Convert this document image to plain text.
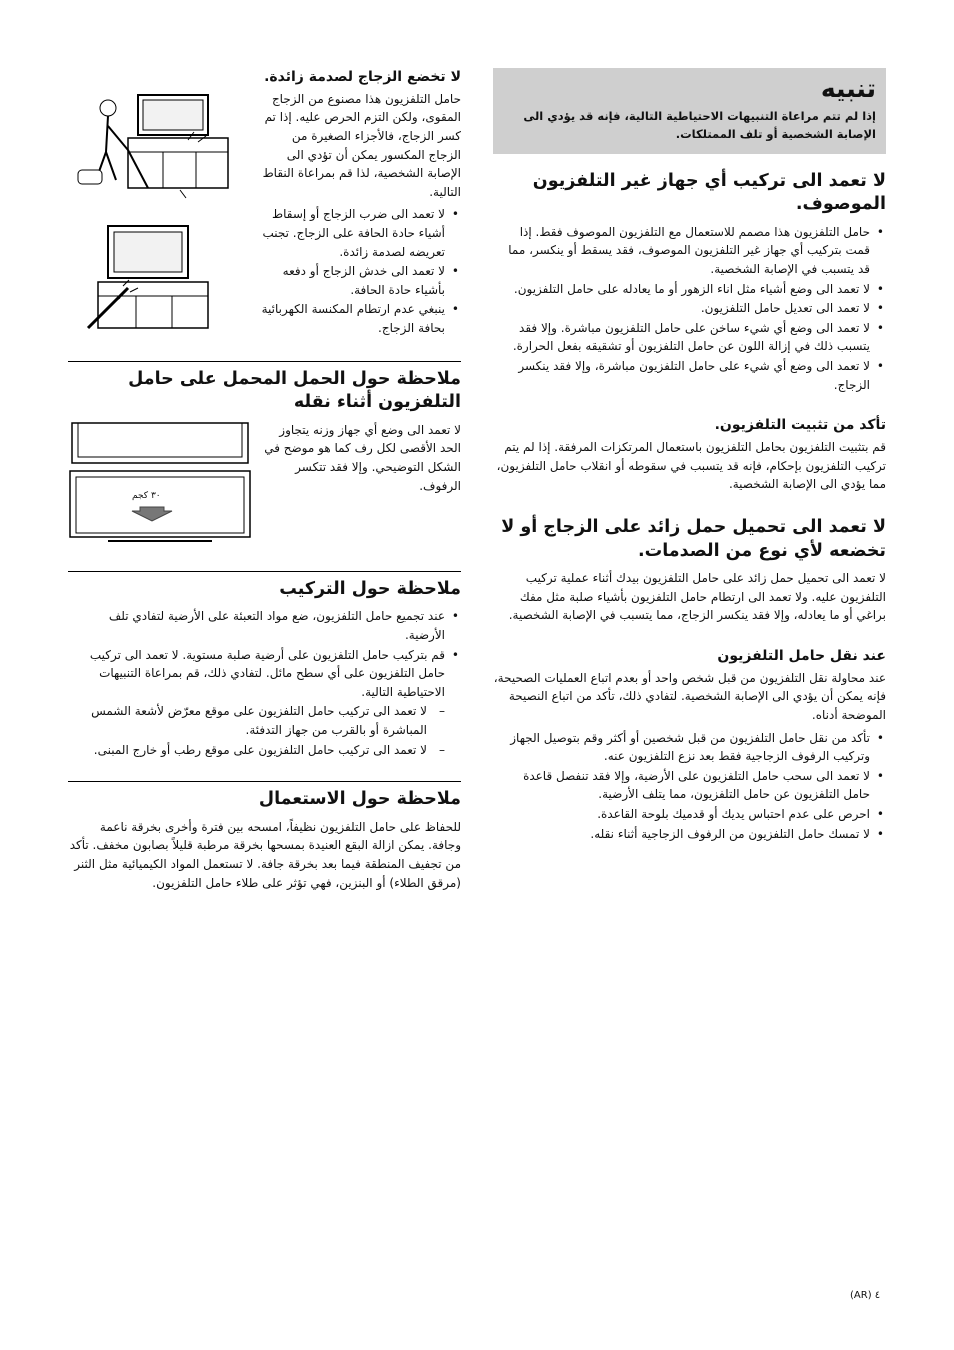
تنبيه

إذا لم تتم مراعاة التنبيهات الاحتياطية التالية، فإنه قد يؤدي الى الإصابة الشخصية أو تلف الممتلكات.

لا تعمد الى تركيب أي جهاز غير التلفزيون الموصوف.
• حامل التلفزيون هذا مصمم للاستعمال مع التلفزيون الموصوف فقط. إذا قمت بتركيب أي جهاز غير التلفزيون الموصوف، فقد يسقط أو ينكسر، مما قد يتسبب في الإصابة الشخصية.
• لا تعمد الى وضع أشياء مثل اناء الزهور أو ما يعادله على حامل التلفزيون.
• لا تعمد الى تعديل حامل التلفزيون.
• لا تعمد الى وضع أي شيء ساخن على حامل التلفزيون مباشرة. وإلا فقد يتسبب ذلك في إزالة اللون عن حامل التلفزيون أو تشقيقه بفعل الحرارة.
• لا تعمد الى وضع أي شيء على حامل التلفزيون مباشرة، وإلا فقد ينكسر الزجاج.
تأكد من تثبيت التلفزيون.

قم بتثبيت التلفزيون بحامل التلفزيون باستعمال المرتكزات المرفقة. إذا لم يتم تركيب التلفزيون بإحكام، فإنه قد يتسبب في سقوطه أو انقلاب حامل التلفزيون، مما يؤدي الى الإصابة الشخصية.

لا تعمد الى تحميل حمل زائد على الزجاج أو لا تخضعه لأي نوع من الصدمات.

لا تعمد الى تحميل حمل زائد على حامل التلفزيون بيدك أثناء عملية تركيب التلفزيون عليه. ولا تعمد الى ارتطام حامل التلفزيون بأشياء صلبة مثل مفك براغي أو ما يعادله، وإلا فقد ينكسر الزجاج، مما يتسبب في الإصابة الشخصية.

عند نقل حامل التلفزيون

عند محاولة نقل التلفزيون من قبل شخص واحد أو بعدم اتباع العمليات الصحيحة، فإنه يمكن أن يؤدي الى الإصابة الشخصية. لتفادي ذلك، تأكد من اتباع النصيحة الموضحة أدناه.

• تأكد من نقل حامل التلفزيون من قبل شخصين أو أكثر وقم بتوصيل الجهاز وتركيب الرفوف الزجاجية فقط بعد نزع التلفزيون عنه.
• لا تعمد الى سحب حامل التلفزيون على الأرضية، وإلا فقد تنفصل قاعدة حامل التلفزيون عن حامل التلفزيون، مما يتلف الأرضية.
• احرص على عدم احتباس يديك أو قدميك بلوحة القاعدة.
• لا تمسك حامل التلفزيون من الرفوف الزجاجية أثناء نقله.
لا تخضع الزجاج لصدمة زائدة.

حامل التلفزيون هذا مصنوع من الزجاج المقوى، ولكن التزم الحرص عليه. إذا تم كسر الزجاج، فالأجزاء الصغيرة من الزجاج المكسور يمكن أن تؤدي الى الإصابة الشخصية، لذا قم بمراعاة النقاط التالية.

• لا تعمد الى ضرب الزجاج أو إسقاط أشياء حادة الحافة على الزجاج. تجنب تعريضه لصدمة زائدة.
• لا تعمد الى خدش الزجاج أو دفعه بأشياء حادة الحافة.
• ينبغي عدم ارتطام المكنسة الكهربائية بحافة الزجاج.
ملاحظة حول الحمل المحمل على حامل التلفزيون أثناء نقله

لا تعمد الى وضع أي جهاز وزنه يتجاوز الحد الأقصى لكل رف كما هو موضح في الشكل التوضيحي. وإلا فقد تتكسر الرفوف.

٣٠ كجم
ملاحظة حول التركيب
• عند تجميع حامل التلفزيون، ضع مواد التعبئة على الأرضية لتفادي تلف الأرضية.
• قم بتركيب حامل التلفزيون على أرضية صلبة مستوية. لا تعمد الى تركيب حامل التلفزيون على أي سطح مائل. لتفادي ذلك، قم بمراعاة التنبيهات الاحتياطية التالية.
– لا تعمد الى تركيب حامل التلفزيون على موقع معرّض لأشعة الشمس المباشرة أو بالقرب من جهاز التدفئة.
– لا تعمد الى تركيب حامل التلفزيون على موقع رطب أو خارج المبنى.
ملاحظة حول الاستعمال

للحفاظ على حامل التلفزيون نظيفاً، امسحه بين فترة وأخرى بخرقة ناعمة وجافة. يمكن ازالة البقع العنيدة بمسحها بخرقة مرطبة قليلاً بصابون مخفف. تأكد من تجفيف المنطقة فيما بعد بخرقة جافة. لا تستعمل المواد الكيميائية مثل الثنر (مرقق الطلاء) أو البنزين، فهي تؤثر على طلاء حامل التلفزيون.

(AR) ٤
